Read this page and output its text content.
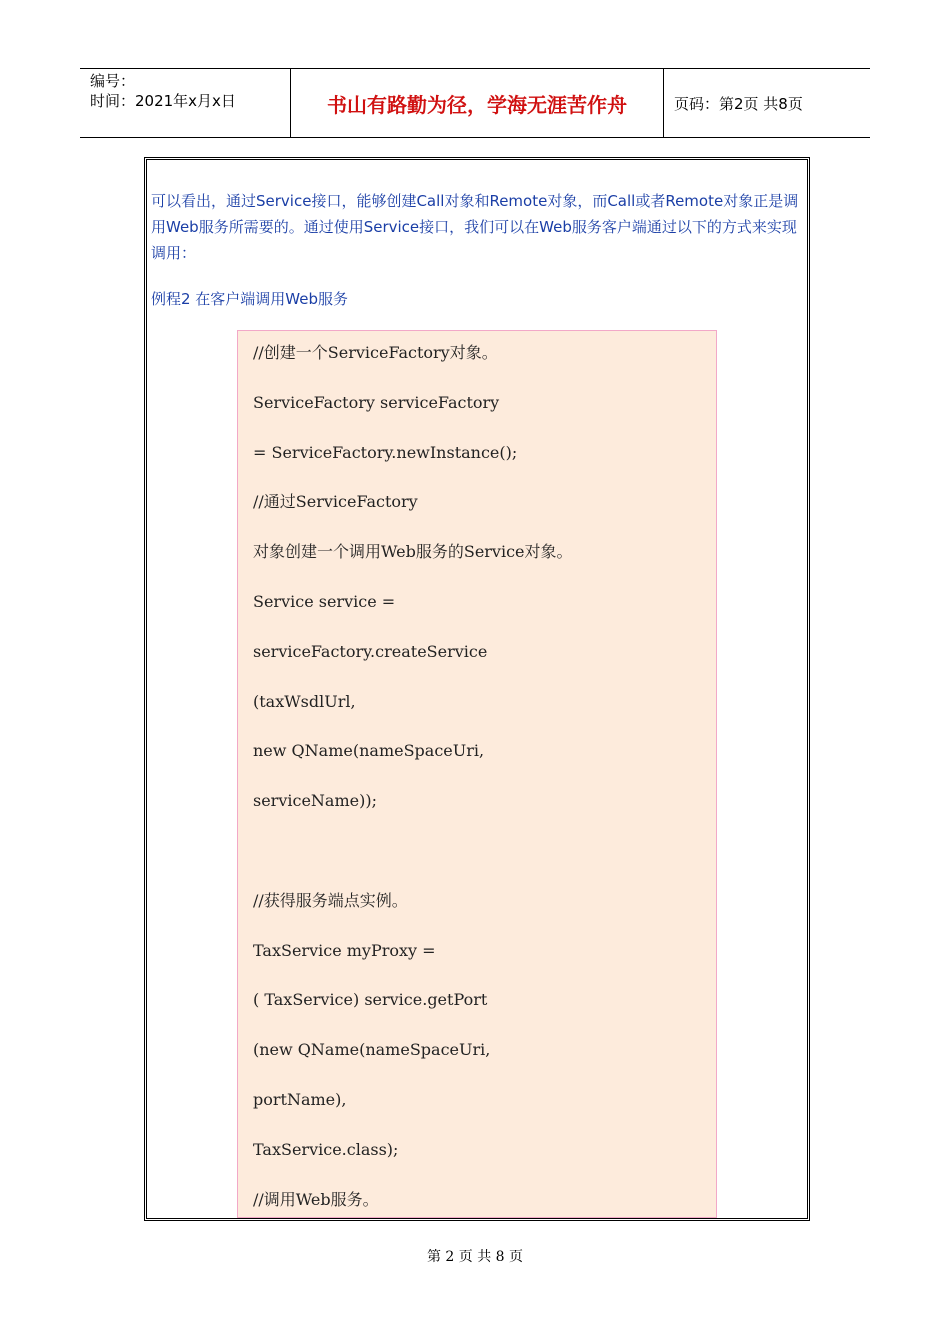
编号：
时间：2021年x月x日	书山有路勤为径，学海无涯苦作舟	页码：第2页 共8页
可以看出，通过Service接口，能够创建Call对象和Remote对象，而Call或者Remote对象正是调用Web服务所需要的。通过使用Service接口，我们可以在Web服务客户端通过以下的方式来实现调用：
例程2 在客户端调用Web服务
//创建一个ServiceFactory对象。
ServiceFactory serviceFactory
= ServiceFactory.newInstance();
//通过ServiceFactory
对象创建一个调用Web服务的Service对象。
Service service =
serviceFactory.createService
(taxWsdlUrl,
new QName(nameSpaceUri,
serviceName));
//获得服务端点实例。
TaxService myProxy =
( TaxService) service.getPort
(new QName(nameSpaceUri,
portName),
TaxService.class);
//调用Web服务。
第 2 页 共 8 页
